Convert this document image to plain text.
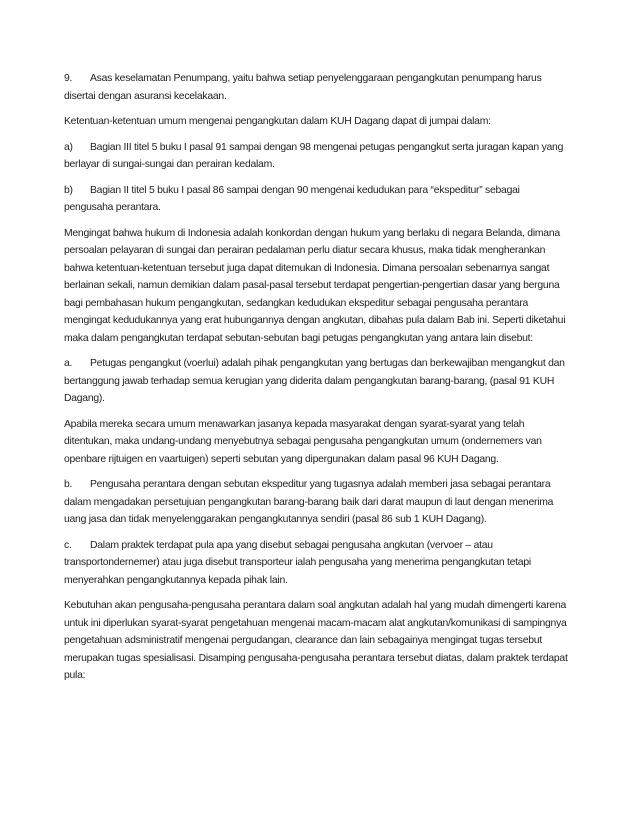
9. Asas keselamatan Penumpang, yaitu bahwa setiap penyelenggaraan pengangkutan penumpang harus disertai dengan asuransi kecelakaan.

Ketentuan-ketentuan umum mengenai pengangkutan dalam KUH Dagang dapat di jumpai dalam:

a) Bagian III titel 5 buku I pasal 91 sampai dengan 98 mengenai petugas pengangkut serta juragan kapan yang berlayar di sungai-sungai dan perairan kedalam.

b) Bagian II titel 5 buku I pasal 86 sampai dengan 90 mengenai kedudukan para “ekspeditur” sebagai pengusaha perantara.

Mengingat bahwa hukum di Indonesia adalah konkordan dengan hukum yang berlaku di negara Belanda, dimana persoalan pelayaran di sungai dan perairan pedalaman perlu diatur secara khusus, maka tidak mengherankan bahwa ketentuan-ketentuan tersebut juga dapat ditemukan di Indonesia. Dimana persoalan sebenarnya sangat berlainan sekali, namun demikian dalam pasal-pasal tersebut terdapat pengertian-pengertian dasar yang berguna bagi pembahasan hukum pengangkutan, sedangkan kedudukan ekspeditur sebagai pengusaha perantara mengingat kedudukannya yang erat hubungannya dengan angkutan, dibahas pula dalam Bab ini. Seperti diketahui maka dalam pengangkutan terdapat sebutan-sebutan bagi petugas pengangkutan yang antara lain disebut:

a. Petugas pengangkut (voerlui) adalah pihak pengangkutan yang bertugas dan berkewajiban mengangkut dan bertanggung jawab terhadap semua kerugian yang diderita dalam pengangkutan barang-barang, (pasal 91 KUH Dagang).

Apabila mereka secara umum menawarkan jasanya kepada masyarakat dengan syarat-syarat yang telah ditentukan, maka undang-undang menyebutnya sebagai pengusaha pengangkutan umum (ondernemers van openbare rijtuigen en vaartuigen) seperti sebutan yang dipergunakan dalam pasal 96 KUH Dagang.

b. Pengusaha perantara dengan sebutan ekspeditur yang tugasnya adalah memberi jasa sebagai perantara dalam mengadakan persetujuan pengangkutan barang-barang baik dari darat maupun di laut dengan menerima uang jasa dan tidak menyelenggarakan pengangkutannya sendiri (pasal 86 sub 1 KUH Dagang).

c. Dalam praktek terdapat pula apa yang disebut sebagai pengusaha angkutan (vervoer – atau transportondernemer) atau juga disebut transporteur ialah pengusaha yang menerima pengangkutan tetapi menyerahkan pengangkutannya kepada pihak lain.

Kebutuhan akan pengusaha-pengusaha perantara dalam soal angkutan adalah hal yang mudah dimengerti karena untuk ini diperlukan syarat-syarat pengetahuan mengenai macam-macam alat angkutan/komunikasi di sampingnya pengetahuan adsministratif mengenai pergudangan, clearance dan lain sebagainya mengingat tugas tersebut merupakan tugas spesialisasi. Disamping pengusaha-pengusaha perantara tersebut diatas, dalam praktek terdapat pula:
